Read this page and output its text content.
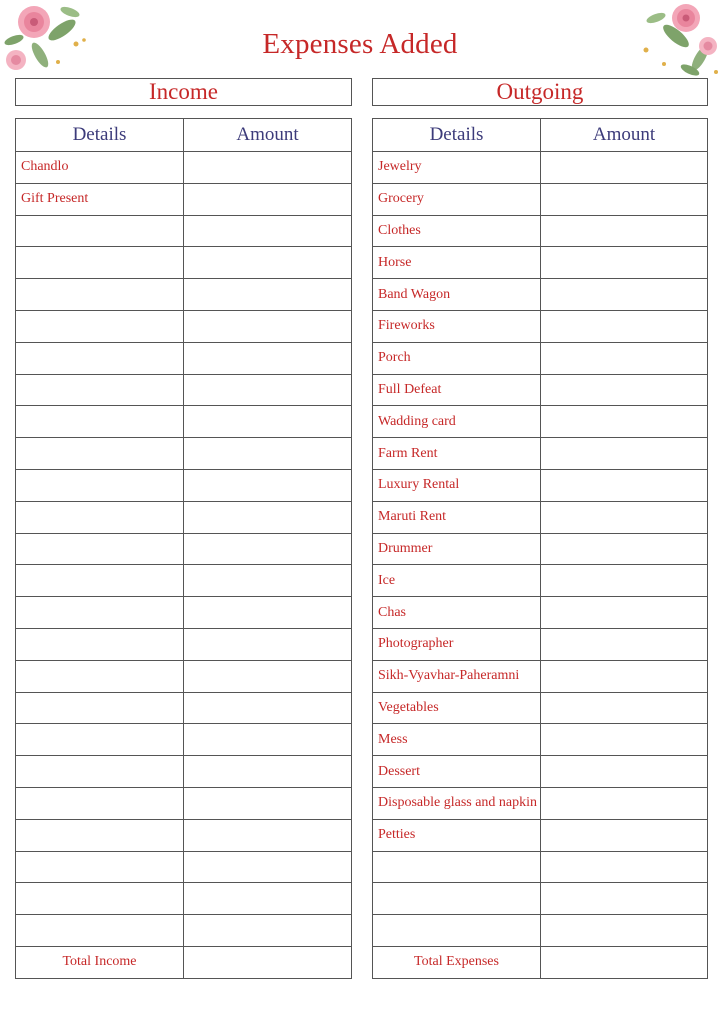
Expenses Added
Income	Outgoing
Details	Amount
Chandlo	
Gift Present	

Total Income	
Details	Amount
Jewelry	
Grocery	
Clothes	
Horse	
Band Wagon	
Fireworks	
Porch	
Full Defeat	
Wadding card	
Farm Rent	
Luxury Rental	
Maruti Rent	
Drummer	
Ice	
Chas	
Photographer	
Sikh-Vyavhar-Paheramni	
Vegetables	
Mess	
Dessert	
Disposable glass and napkin	
Petties	

Total Expenses	
